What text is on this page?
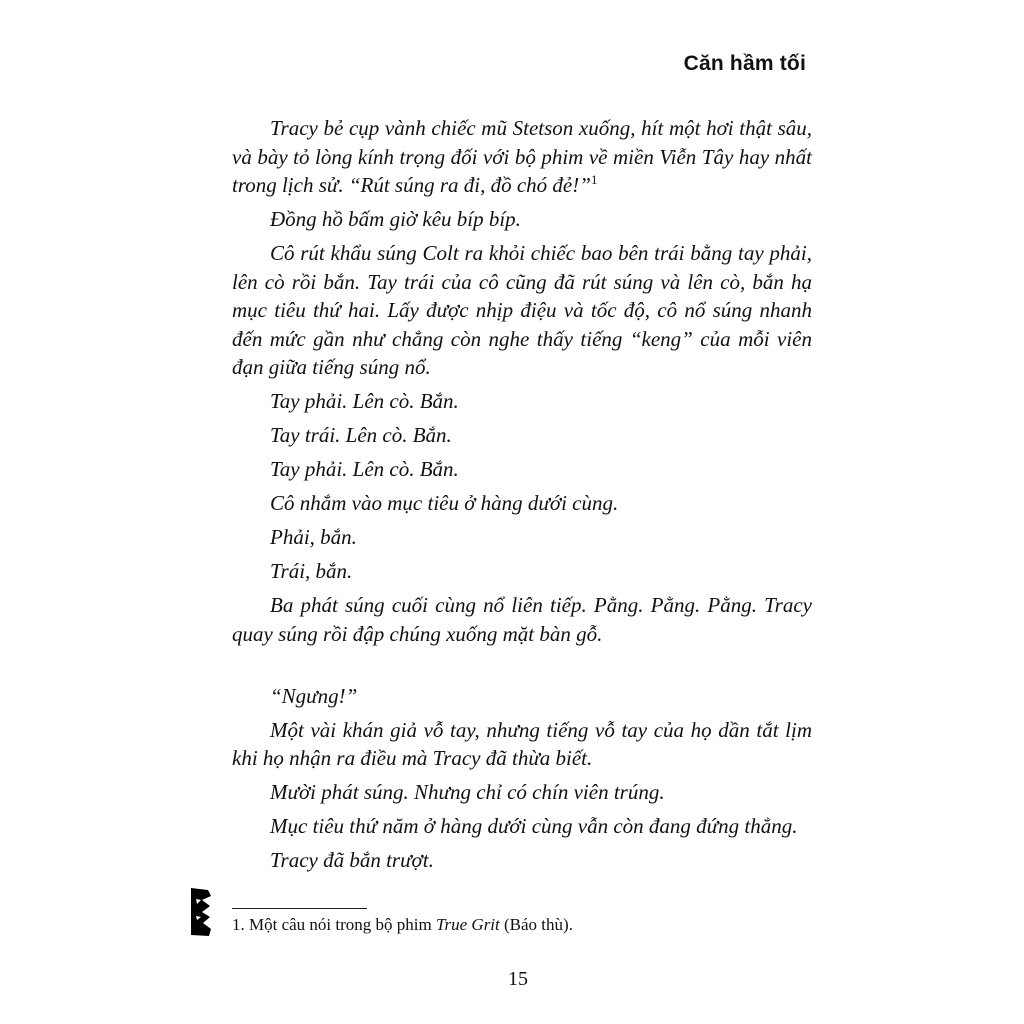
Căn hầm tối

Tracy bẻ cụp vành chiếc mũ Stetson xuống, hít một hơi thật sâu, và bày tỏ lòng kính trọng đối với bộ phim về miền Viễn Tây hay nhất trong lịch sử. “Rút súng ra đi, đồ chó đẻ!”$^1$

Đồng hồ bấm giờ kêu bíp bíp.

Cô rút khẩu súng Colt ra khỏi chiếc bao bên trái bằng tay phải, lên cò rồi bắn. Tay trái của cô cũng đã rút súng và lên cò, bắn hạ mục tiêu thứ hai. Lấy được nhịp điệu và tốc độ, cô nổ súng nhanh đến mức gần như chẳng còn nghe thấy tiếng “keng” của mỗi viên đạn giữa tiếng súng nổ.

Tay phải. Lên cò. Bắn.

Tay trái. Lên cò. Bắn.

Tay phải. Lên cò. Bắn.

Cô nhắm vào mục tiêu ở hàng dưới cùng.

Phải, bắn.

Trái, bắn.

Ba phát súng cuối cùng nổ liên tiếp. Pằng. Pằng. Pằng. Tracy quay súng rồi đập chúng xuống mặt bàn gỗ.

“Ngưng!”

Một vài khán giả vỗ tay, nhưng tiếng vỗ tay của họ dần tắt lịm khi họ nhận ra điều mà Tracy đã thừa biết.

Mười phát súng. Nhưng chỉ có chín viên trúng.

Mục tiêu thứ năm ở hàng dưới cùng vẫn còn đang đứng thẳng.

Tracy đã bắn trượt.

1. Một câu nói trong bộ phim True Grit (Báo thù).
15
